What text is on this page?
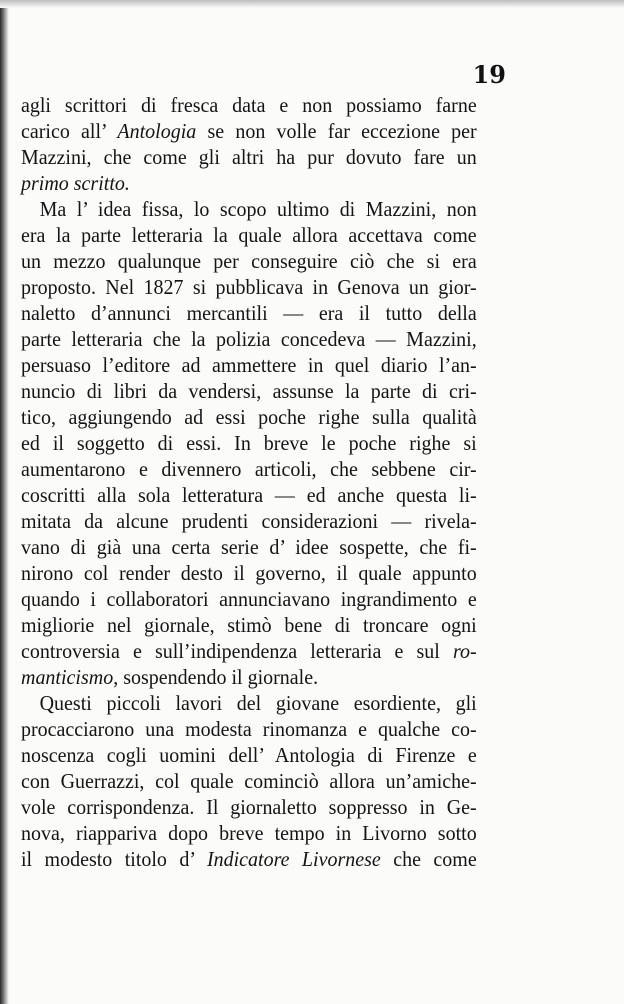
19
agli scrittori di fresca data e non possiamo farne
carico all’ Antologia se non volle far eccezione per
Mazzini, che come gli altri ha pur dovuto fare un
primo scritto.
Ma l’ idea fissa, lo scopo ultimo di Mazzini, non
era la parte letteraria la quale allora accettava come
un mezzo qualunque per conseguire ciò che si era
proposto. Nel 1827 si pubblicava in Genova un gior-
naletto d’annunci mercantili — era il tutto della
parte letteraria che la polizia concedeva — Mazzini,
persuaso l’editore ad ammettere in quel diario l’an-
nuncio di libri da vendersi, assunse la parte di cri-
tico, aggiungendo ad essi poche righe sulla qualità
ed il soggetto di essi. In breve le poche righe si
aumentarono e divennero articoli, che sebbene cir-
coscritti alla sola letteratura — ed anche questa li-
mitata da alcune prudenti considerazioni — rivela-
vano di già una certa serie d’ idee sospette, che fi-
nirono col render desto il governo, il quale appunto
quando i collaboratori annunciavano ingrandimento e
migliorie nel giornale, stimò bene di troncare ogni
controversia e sull’indipendenza letteraria e sul ro-
manticismo, sospendendo il giornale.
Questi piccoli lavori del giovane esordiente, gli
procacciarono una modesta rinomanza e qualche co-
noscenza cogli uomini dell’ Antologia di Firenze e
con Guerrazzi, col quale cominciò allora un’amiche-
vole corrispondenza. Il giornaletto soppresso in Ge-
nova, riappariva dopo breve tempo in Livorno sotto
il modesto titolo d’ Indicatore Livornese che come
